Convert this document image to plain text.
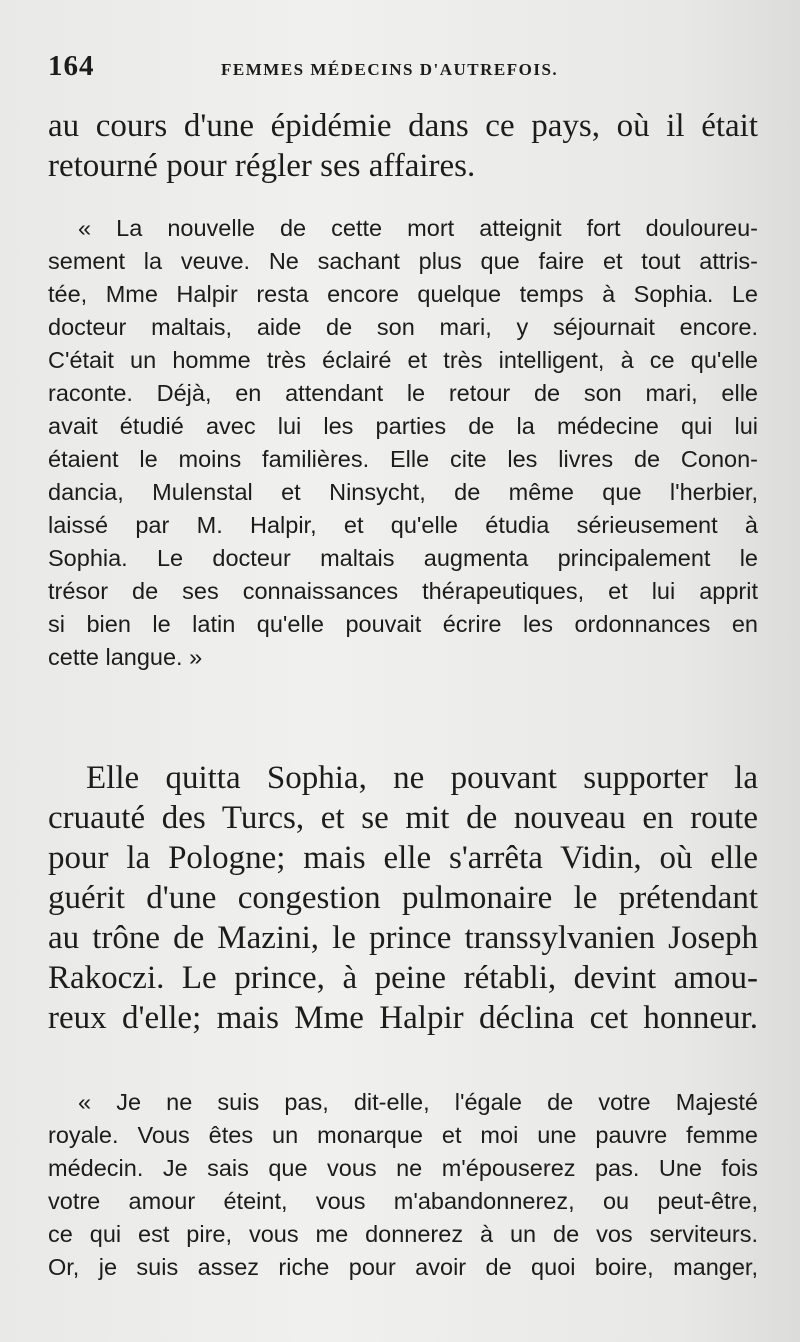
164	FEMMES MÉDECINS D'AUTREFOIS.
au cours d'une épidémie dans ce pays, où il était
retourné pour régler ses affaires.
« La nouvelle de cette mort atteignit fort douloureu-
sement la veuve. Ne sachant plus que faire et tout attris-
tée, Mme Halpir resta encore quelque temps à Sophia. Le
docteur maltais, aide de son mari, y séjournait encore.
C'était un homme très éclairé et très intelligent, à ce qu'elle
raconte. Déjà, en attendant le retour de son mari, elle
avait étudié avec lui les parties de la médecine qui lui
étaient le moins familières. Elle cite les livres de Conon-
dancia, Mulenstal et Ninsycht, de même que l'herbier,
laissé par M. Halpir, et qu'elle étudia sérieusement à
Sophia. Le docteur maltais augmenta principalement le
trésor de ses connaissances thérapeutiques, et lui apprit
si bien le latin qu'elle pouvait écrire les ordonnances en
cette langue. »
Elle quitta Sophia, ne pouvant supporter la
cruauté des Turcs, et se mit de nouveau en route
pour la Pologne; mais elle s'arrêta Vidin, où elle
guérit d'une congestion pulmonaire le prétendant
au trône de Mazini, le prince transsylvanien Joseph
Rakoczi. Le prince, à peine rétabli, devint amou-
reux d'elle; mais Mme Halpir déclina cet honneur.
« Je ne suis pas, dit-elle, l'égale de votre Majesté
royale. Vous êtes un monarque et moi une pauvre femme
médecin. Je sais que vous ne m'épouserez pas. Une fois
votre amour éteint, vous m'abandonnerez, ou peut-être,
ce qui est pire, vous me donnerez à un de vos serviteurs.
Or, je suis assez riche pour avoir de quoi boire, manger,
